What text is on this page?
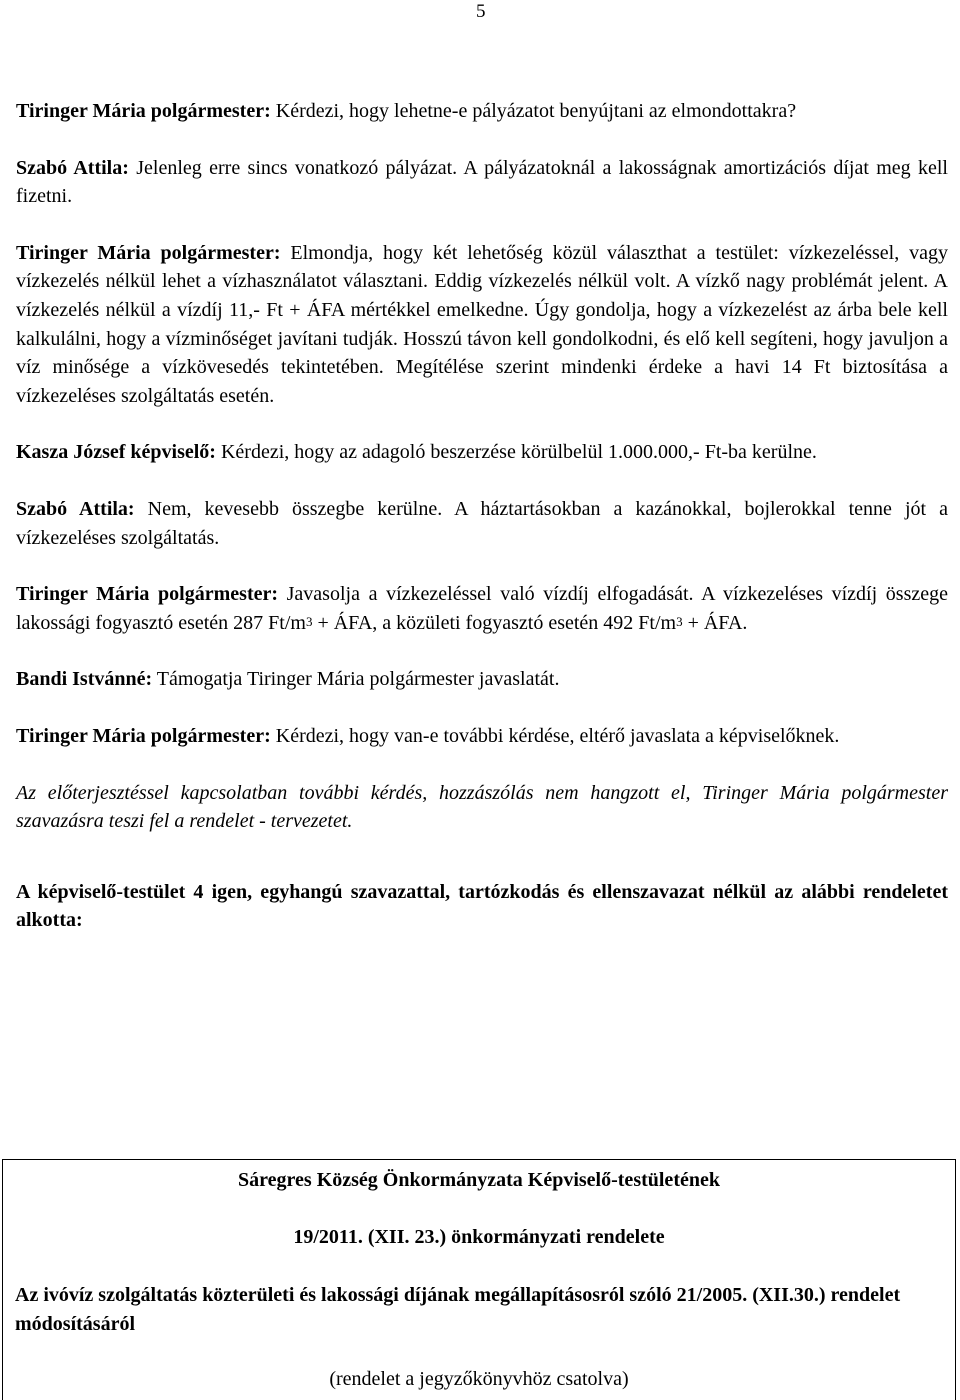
5

Tiringer Mária polgármester: Kérdezi, hogy lehetne-e pályázatot benyújtani az elmondottakra?

Szabó Attila: Jelenleg erre sincs vonatkozó pályázat. A pályázatoknál a lakosságnak amortizációs díjat meg kell fizetni.

Tiringer Mária polgármester: Elmondja, hogy két lehetőség közül választhat a testület: vízkezeléssel, vagy vízkezelés nélkül lehet a vízhasználatot választani. Eddig vízkezelés nélkül volt. A vízkő nagy problémát jelent. A vízkezelés nélkül a vízdíj 11,- Ft + ÁFA mértékkel emelkedne. Úgy gondolja, hogy a vízkezelést az árba bele kell kalkulálni, hogy a vízminőséget javítani tudják. Hosszú távon kell gondolkodni, és elő kell segíteni, hogy javuljon a víz minősége a vízkövesedés tekintetében. Megítélése szerint mindenki érdeke a havi 14 Ft biztosítása a vízkezeléses szolgáltatás esetén.

Kasza József képviselő: Kérdezi, hogy az adagoló beszerzése körülbelül 1.000.000,- Ft-ba kerülne.

Szabó Attila: Nem, kevesebb összegbe kerülne. A háztartásokban a kazánokkal, bojlerokkal tenne jót a vízkezeléses szolgáltatás.

Tiringer Mária polgármester: Javasolja a vízkezeléssel való vízdíj elfogadását. A vízkezeléses vízdíj összege lakossági fogyasztó esetén 287 $Ft/m^3$ + ÁFA, a közületi fogyasztó esetén 492 $Ft/m^3$ + ÁFA.

Bandi Istvánné: Támogatja Tiringer Mária polgármester javaslatát.

Tiringer Mária polgármester: Kérdezi, hogy van-e további kérdése, eltérő javaslata a képviselőknek.

Az előterjesztéssel kapcsolatban további kérdés, hozzászólás nem hangzott el, Tiringer Mária polgármester szavazásra teszi fel a rendelet - tervezetet.

A képviselő-testület 4 igen, egyhangú szavazattal, tartózkodás és ellenszavazat nélkül az alábbi rendeletet alkotta:

Sáregres Község Önkormányzata Képviselő-testületének
19/2011. (XII. 23.) önkormányzati rendelete
Az ivóvíz szolgáltatás közterületi és lakossági díjának megállapításosról szóló 21/2005. (XII.30.) rendelet módosításáról
(rendelet a jegyzőkönyvhöz csatolva)
